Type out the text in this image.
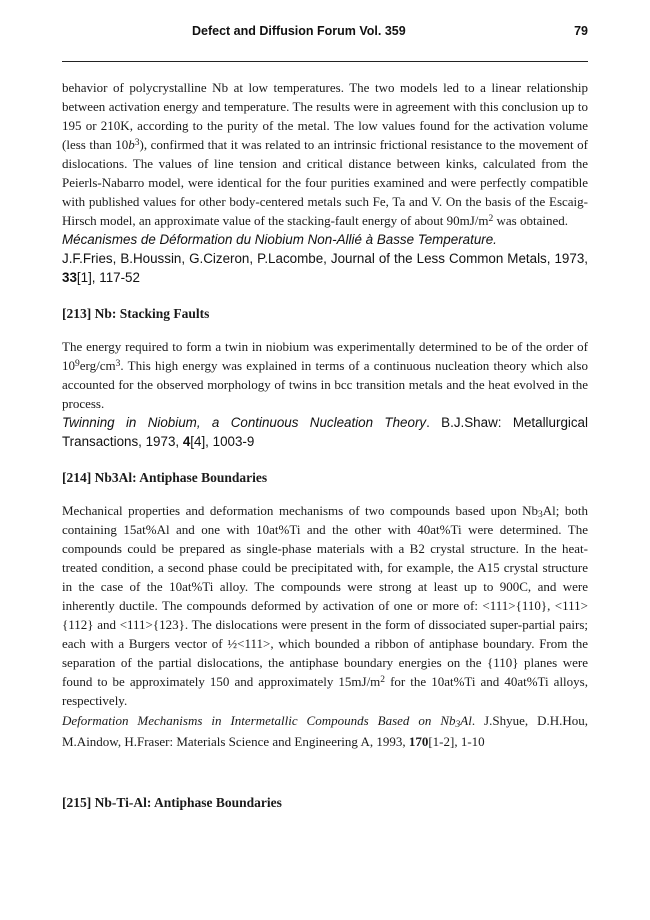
Defect and Diffusion Forum Vol. 359	79

behavior of polycrystalline Nb at low temperatures. The two models led to a linear relationship between activation energy and temperature. The results were in agreement with this conclusion up to 195 or 210K, according to the purity of the metal. The low values found for the activation volume (less than $10b^3$), confirmed that it was related to an intrinsic frictional resistance to the movement of dislocations. The values of line tension and critical distance between kinks, calculated from the Peierls-Nabarro model, were identical for the four purities examined and were perfectly compatible with published values for other body-centered metals such Fe, Ta and V. On the basis of the Escaig-Hirsch model, an approximate value of the stacking-fault energy of about $90mJ/m^2$ was obtained.

Mécanismes de Déformation du Niobium Non-Allié à Basse Temperature.
J.F.Fries, B.Houssin, G.Cizeron, P.Lacombe, Journal of the Less Common Metals, 1973, 33[1], 117-52

[213] Nb: Stacking Faults

The energy required to form a twin in niobium was experimentally determined to be of the order of $10^9erg/cm^3$. This high energy was explained in terms of a continuous nucleation theory which also accounted for the observed morphology of twins in bcc transition metals and the heat evolved in the process.

Twinning in Niobium, a Continuous Nucleation Theory. B.J.Shaw: Metallurgical Transactions, 1973, 4[4], 1003-9

[214] Nb3Al: Antiphase Boundaries

Mechanical properties and deformation mechanisms of two compounds based upon $Nb_3Al$; both containing 15at%Al and one with 10at%Ti and the other with 40at%Ti were determined. The compounds could be prepared as single-phase materials with a B2 crystal structure. In the heat-treated condition, a second phase could be precipitated with, for example, the A15 crystal structure in the case of the 10at%Ti alloy. The compounds were strong at least up to 900C, and were inherently ductile. The compounds deformed by activation of one or more of: <111>{110}, <111>{112} and <111>{123}. The dislocations were present in the form of dissociated super-partial pairs; each with a Burgers vector of ½<111>, which bounded a ribbon of antiphase boundary. From the separation of the partial dislocations, the antiphase boundary energies on the {110} planes were found to be approximately 150 and approximately $15mJ/m^2$ for the 10at%Ti and 40at%Ti alloys, respectively.

Deformation Mechanisms in Intermetallic Compounds Based on $Nb_3Al$. J.Shyue, D.H.Hou, M.Aindow, H.Fraser: Materials Science and Engineering A, 1993, 170[1-2], 1-10

[215] Nb-Ti-Al: Antiphase Boundaries
